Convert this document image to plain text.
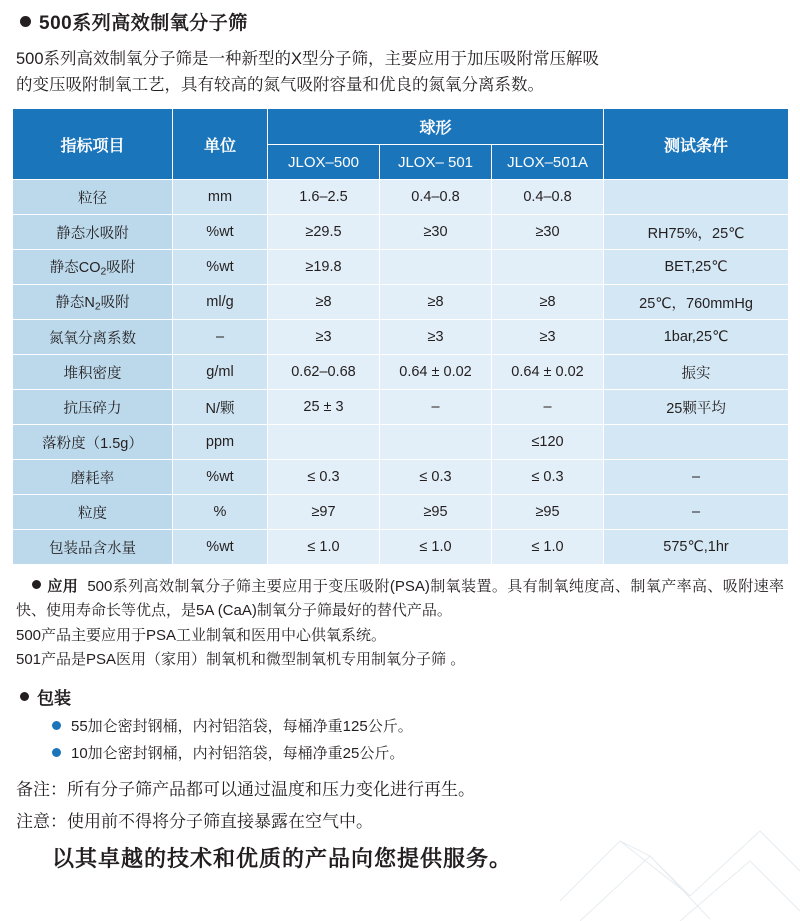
500系列高效制氧分子筛
500系列高效制氧分子筛是一种新型的X型分子筛，主要应用于加压吸附常压解吸
的变压吸附制氧工艺，具有较高的氮气吸附容量和优良的氮氧分离系数。
指标项目	单位	球形			测试条件
		JLOX–500	JLOX– 501	JLOX–501A	
粒径	mm	1.6–2.5	0.4–0.8	0.4–0.8	
静态水吸附	%wt	≥29.5	≥30	≥30	RH75%，25℃
静态$CO_2$吸附	%wt	≥19.8			BET,25℃
静态$N_2$吸附	ml/g	≥8	≥8	≥8	25℃，760mmHg
氮氧分离系数	–	≥3	≥3	≥3	1bar,25℃
堆积密度	g/ml	0.62–0.68	0.64 ± 0.02	0.64 ± 0.02	振实
抗压碎力	N/颗	25 ± 3	–	–	25颗平均
落粉度（1.5g）	ppm			≤120	
磨耗率	%wt	≤ 0.3	≤ 0.3	≤ 0.3	–
粒度	%	≥97	≥95	≥95	–
包装品含水量	%wt	≤ 1.0	≤ 1.0	≤ 1.0	575℃,1hr
应用 500系列高效制氧分子筛主要应用于变压吸附(PSA)制氧装置。具有制氧纯度高、制氧产率高、吸附速率快、使用寿命长等优点，是5A (CaA)制氧分子筛最好的替代产品。
500产品主要应用于PSA工业制氧和医用中心供氧系统。
501产品是PSA医用（家用）制氧机和微型制氧机专用制氧分子筛 。
包装
55加仑密封钢桶，内衬铝箔袋，每桶净重125公斤。
10加仑密封钢桶，内衬铝箔袋，每桶净重25公斤。
备注：所有分子筛产品都可以通过温度和压力变化进行再生。
注意：使用前不得将分子筛直接暴露在空气中。
以其卓越的技术和优质的产品向您提供服务。
